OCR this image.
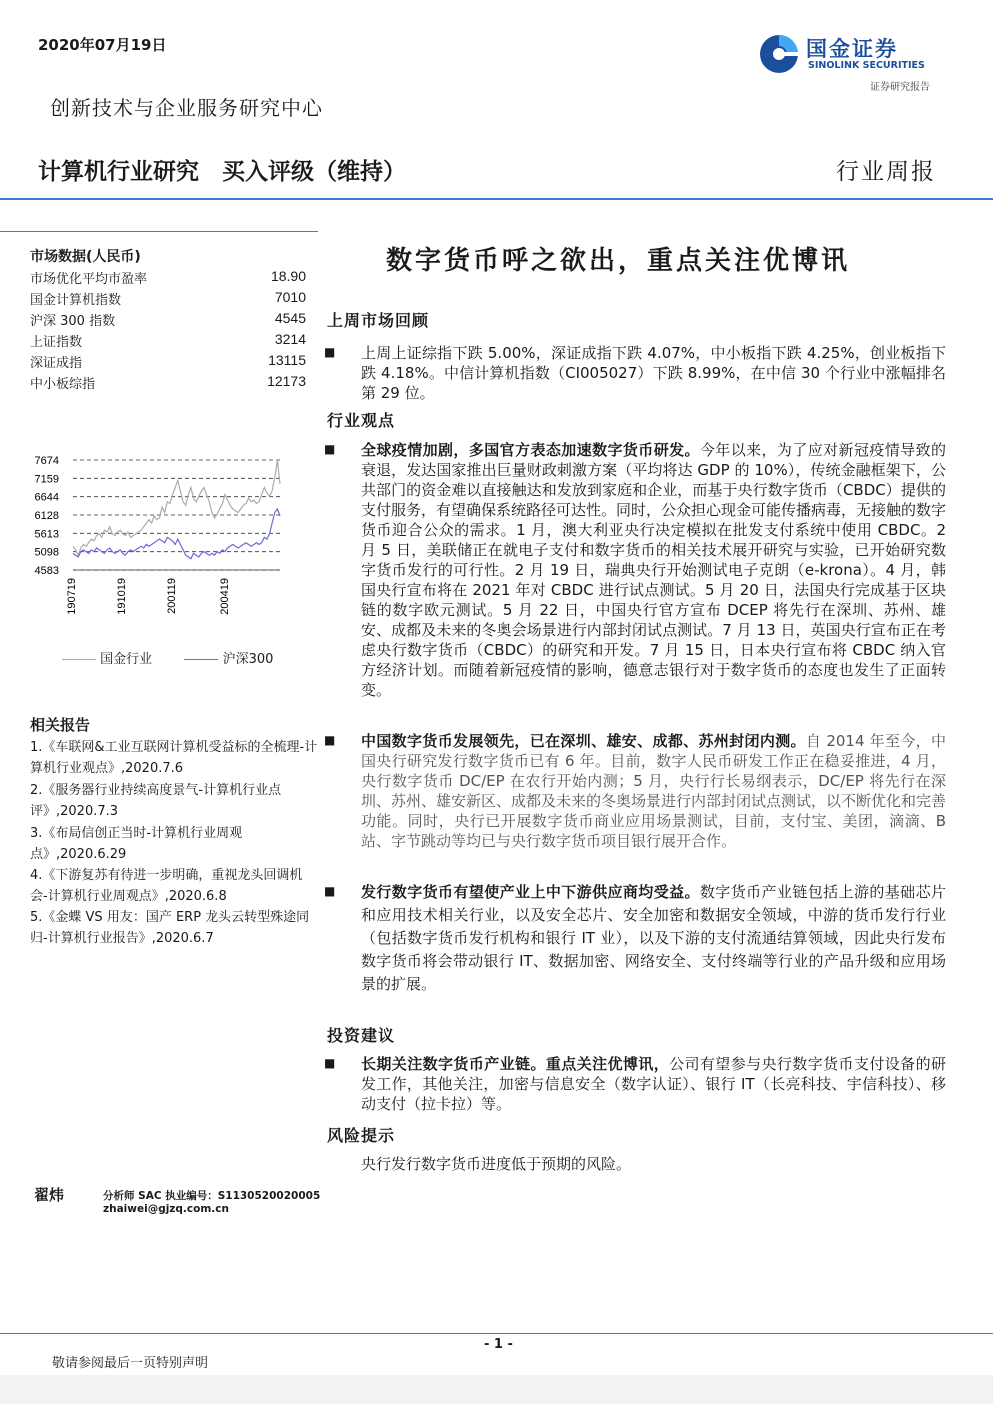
2020年07月19日
创新技术与企业服务研究中心
国金证券
SINOLINK SECURITIES
证券研究报告
计算机行业研究　买入评级（维持）	行业周报
市场数据(人民币)
市场优化平均市盈率	18.90
国金计算机指数	7010
沪深 300 指数	4545
上证指数	3214
深证成指	13115
中小板综指	12173
7674
7159
6644
6128
5613
5098
4583
190719	191019	200119	200419
国金行业	沪深300
相关报告
1.《车联网&工业互联网计算机受益标的全梳理-计算机行业观点》,2020.7.6
2.《服务器行业持续高度景气-计算机行业点评》,2020.7.3
3.《布局信创正当时-计算机行业周观点》,2020.6.29
4.《下游复苏有待进一步明确，重视龙头回调机会-计算机行业周观点》,2020.6.8
5.《金蝶 VS 用友：国产 ERP 龙头云转型殊途同归-计算机行业报告》,2020.6.7
翟炜	分析师 SAC 执业编号：S1130520020005
zhaiwei@gjzq.com.cn
数字货币呼之欲出，重点关注优博讯
上周市场回顾
■ 上周上证综指下跌 5.00%，深证成指下跌 4.07%，中小板指下跌 4.25%，创业板指下跌 4.18%。中信计算机指数（CI005027）下跌 8.99%，在中信 30 个行业中涨幅排名第 29 位。
行业观点
■ 全球疫情加剧，多国官方表态加速数字货币研发。今年以来，为了应对新冠疫情导致的衰退，发达国家推出巨量财政刺激方案（平均将达 GDP 的 10%），传统金融框架下，公共部门的资金难以直接触达和发放到家庭和企业，而基于央行数字货币（CBDC）提供的支付服务，有望确保系统路径可达性。同时，公众担心现金可能传播病毒，无接触的数字货币迎合公众的需求。1 月，澳大利亚央行决定模拟在批发支付系统中使用 CBDC。2 月 5 日，美联储正在就电子支付和数字货币的相关技术展开研究与实验，已开始研究数字货币发行的可行性。2 月 19 日，瑞典央行开始测试电子克朗（e-krona）。4 月，韩国央行宣布将在 2021 年对 CBDC 进行试点测试。5 月 20 日，法国央行完成基于区块链的数字欧元测试。5 月 22 日，中国央行官方宣布 DCEP 将先行在深圳、苏州、雄安、成都及未来的冬奥会场景进行内部封闭试点测试。7 月 13 日，英国央行宣布正在考虑央行数字货币（CBDC）的研究和开发。7 月 15 日，日本央行宣布将 CBDC 纳入官方经济计划。而随着新冠疫情的影响，德意志银行对于数字货币的态度也发生了正面转变。
■ 中国数字货币发展领先，已在深圳、雄安、成都、苏州封闭内测。自 2014 年至今，中国央行研究发行数字货币已有 6 年。目前，数字人民币研发工作正在稳妥推进，4 月，央行数字货币 DC/EP 在农行开始内测；5 月，央行行长易纲表示，DC/EP 将先行在深圳、苏州、雄安新区、成都及未来的冬奥场景进行内部封闭试点测试，以不断优化和完善功能。同时，央行已开展数字货币商业应用场景测试，目前，支付宝、美团，滴滴、B 站、字节跳动等均已与央行数字货币项目银行展开合作。
■ 发行数字货币有望使产业上中下游供应商均受益。数字货币产业链包括上游的基础芯片和应用技术相关行业，以及安全芯片、安全加密和数据安全领域，中游的货币发行行业（包括数字货币发行机构和银行 IT 业），以及下游的支付流通结算领域，因此央行发布数字货币将会带动银行 IT、数据加密、网络安全、支付终端等行业的产品升级和应用场景的扩展。
投资建议
■ 长期关注数字货币产业链。重点关注优博讯，公司有望参与央行数字货币支付设备的研发工作，其他关注，加密与信息安全（数字认证）、银行 IT（长亮科技、宇信科技）、移动支付（拉卡拉）等。
风险提示
央行发行数字货币进度低于预期的风险。
- 1 -
敬请参阅最后一页特别声明
